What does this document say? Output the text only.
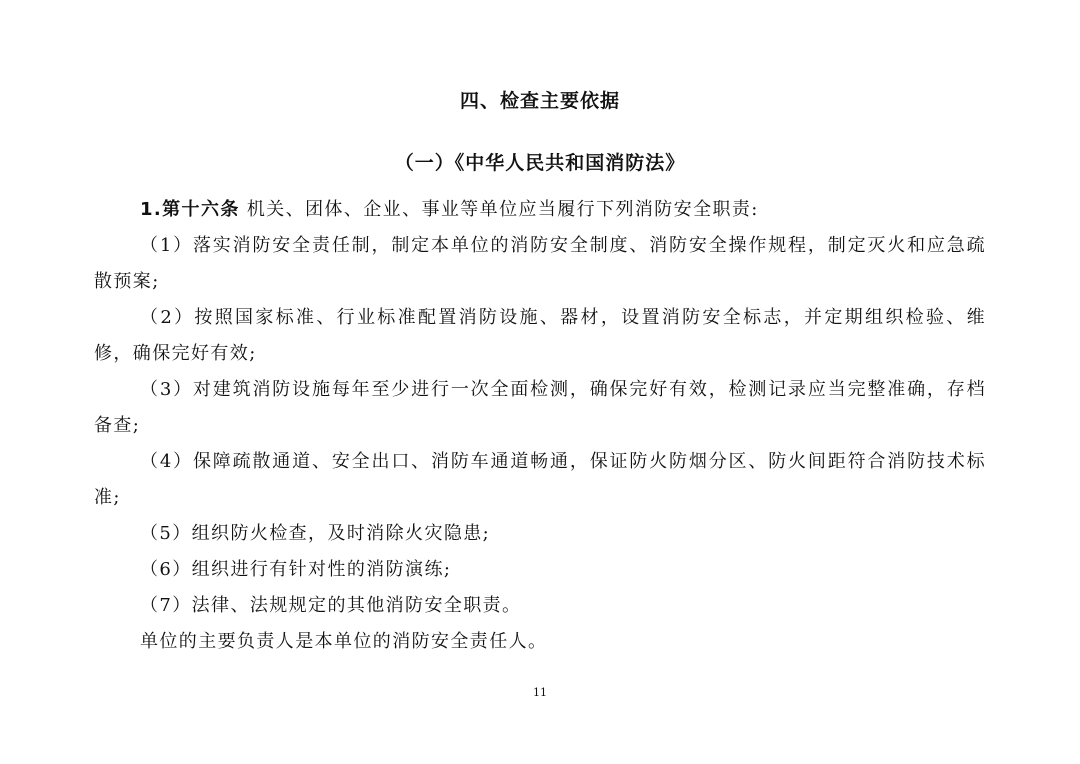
四、检查主要依据
（一）《中华人民共和国消防法》

1.第十六条 机关、团体、企业、事业等单位应当履行下列消防安全职责:

（1）落实消防安全责任制，制定本单位的消防安全制度、消防安全操作规程，制定灭火和应急疏散预案;

（2）按照国家标准、行业标准配置消防设施、器材，设置消防安全标志，并定期组织检验、维修，确保完好有效;

（3）对建筑消防设施每年至少进行一次全面检测，确保完好有效，检测记录应当完整准确，存档备查;

（4）保障疏散通道、安全出口、消防车通道畅通，保证防火防烟分区、防火间距符合消防技术标准;

（5）组织防火检查，及时消除火灾隐患;

（6）组织进行有针对性的消防演练;

（7）法律、法规规定的其他消防安全职责。

单位的主要负责人是本单位的消防安全责任人。

11
